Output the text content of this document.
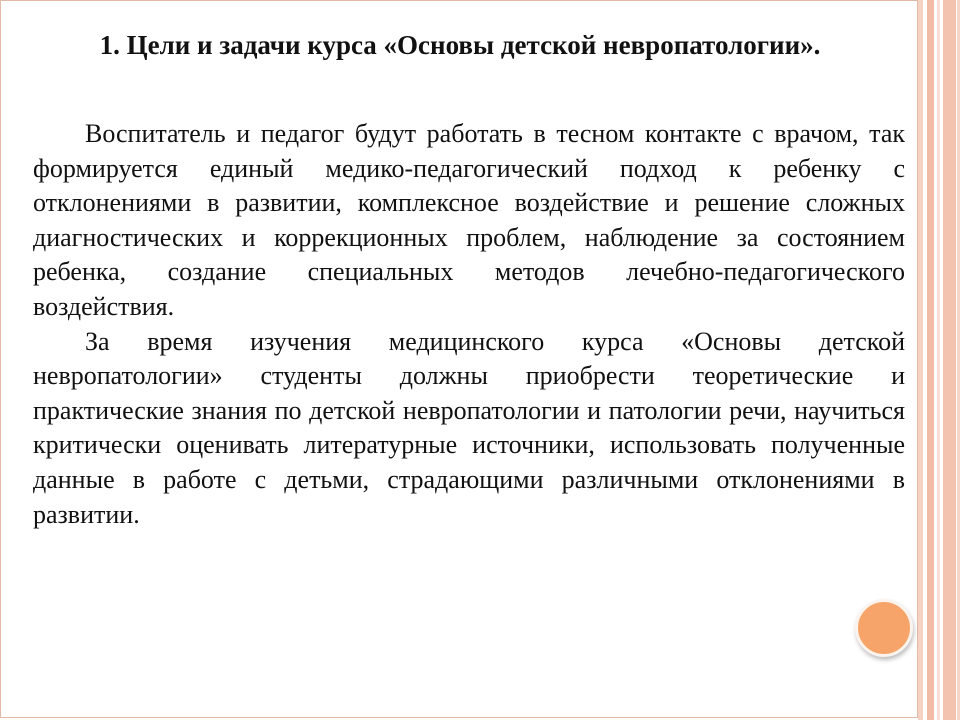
1. Цели и задачи курса «Основы детской невропатологии».

Воспитатель и педагог будут работать в тесном контакте с врачом, так формируется единый медико-педагогический подход к ребенку с отклонениями в развитии, комплексное воздействие и решение сложных диагностических и коррекционных проблем, наблюдение за состоянием ребенка, создание специальных методов лечебно-педагогического воздействия.

За время изучения медицинского курса «Основы детской невропатологии» студенты должны приобрести теоретические и практические знания по детской невропатологии и патологии речи, научиться критически оценивать литературные источники, использовать полученные данные в работе с детьми, страдающими различными отклонениями в развитии.
